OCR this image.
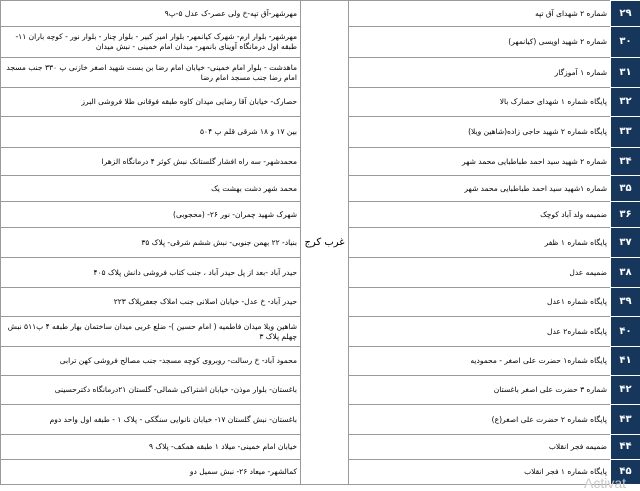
۲۹	شماره ۲ شهدای آق تپه	غرب کرج	مهرشهر-آق تپه-خ ولی عصر-ک عدل ۵-پ۹
۳۰	شماره ۲ شهید اویسی (کیانمهر)		مهرشهر- بلوار ارم- شهرک کیانمهر- بلوار امیر کبیر - بلوار چنار - بلوار نور - کوچه باران ۱۱- طبقه اول درمانگاه آوینای بانمهر- میدان امام خمینی - نبش میدان
۳۱	شماره ۱ آموزگار		ماهدشت - بلوار امام خمینی- خیابان امام رضا بن بست شهید اصغر خازنی پ ۳۳۰ جنب مسجد امام رضا جنب مسجد امام رضا
۳۲	پایگاه شماره ۱ شهدای حصارک بالا		حصارک- خیابان آقا رضایی میدان کاوه طبقه فوقانی طلا فروشی البرز
۳۳	پایگاه شماره ۲ شهید حاجی زاده(شاهین ویلا)		بین ۱۷ و ۱۸ شرقی قلم پ ۵۰۴
۳۴	شماره ۲ شهید سید احمد طباطبایی محمد شهر		محمدشهر- سه راه افشار گلستانک نبش کوثر ۴ درمانگاه الزهرا
۳۵	شماره ۱شهید سید احمد طباطبایی محمد شهر		محمد شهر دشت بهشت یک
۳۶	ضمیمه ولد آباد کوچک		شهرک شهید چمران- نور ۲۶- (محجوبی)
۳۷	پایگاه شماره ۱ ظفر		بنیاد- ۲۲ بهمن جنوبی- نبش ششم شرقی- پلاک ۳۵
۳۸	ضمیمه عدل		حیدر آباد -بعد از پل حیدر آباد ، جنب کتاب فروشی دانش پلاک ۴۰۵
۳۹	پایگاه شماره ۱عدل		حیدر آباد- خ عدل- خیابان اصلانی جنب املاک جعفرپلاک ۲۲۳
۴۰	پایگاه شماره۲ عدل		شاهین ویلا میدان فاطمیه ( امام حسین )- ضلع غربی میدان ساختمان بهار طبقه ۴ پ۵۱۱ نبش چهلم پلاک ۳
۴۱	پایگاه شماره۱ حضرت علی اصغر - محمودیه		محمود آباد- خ رسالت- روبروی کوچه مسجد- جنب مصالح فروشی کهن ترابی
۴۲	شماره ۳ حضرت علی اصغر باغستان		باغستان- بلوار موذن- خیابان اشتراکی شمالی- گلستان ۲۱درمانگاه دکترحسینی
۴۳	پایگاه شماره ۲ حضرت علی اصغر(ع)		باغستان- نبش گلستان ۱۷- خیابان نانوایی سنگکی - پلاک ۱ - طبقه اول واحد دوم
۴۴	ضمیمه فجر انقلاب		خیابان امام خمینی- میلاد ۱ طبقه همکف- پلاک ۹
۴۵	پایگاه شماره ۱ فجر انقلاب		کمالشهر- میعاد ۲۶- نبش سمیل دو
Activat
